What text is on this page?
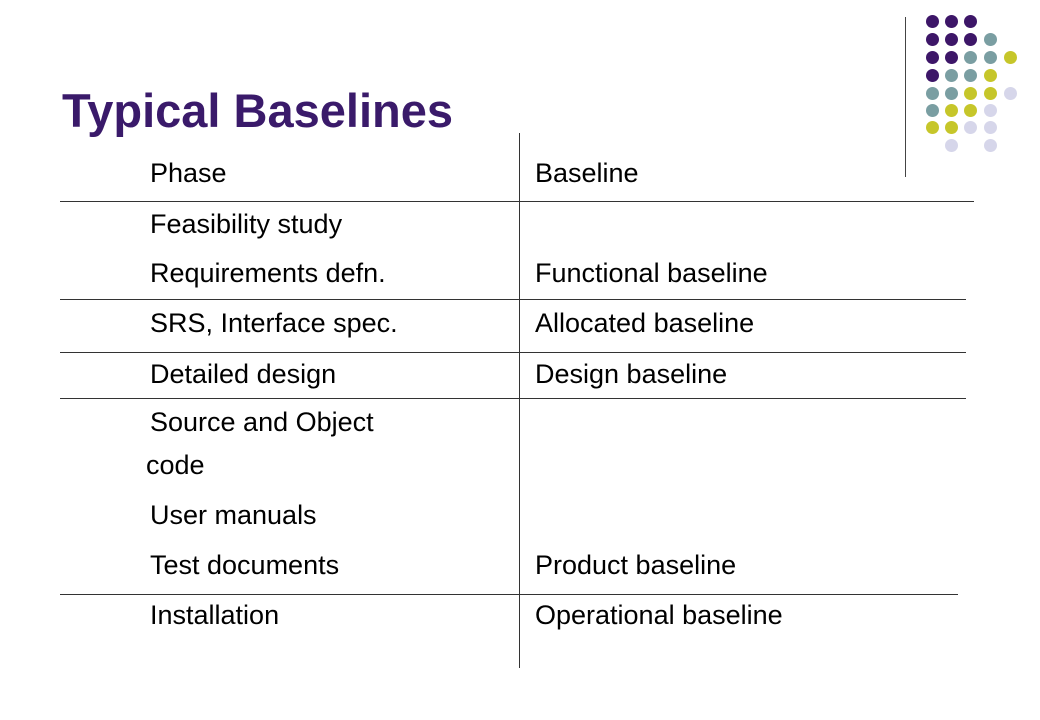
Typical Baselines
Phase	Baseline
Feasibility study
Requirements defn.	Functional baseline
SRS, Interface spec.	Allocated baseline
Detailed design	Design baseline
Source and Object
code
User manuals
Test documents	Product baseline
Installation	Operational baseline
